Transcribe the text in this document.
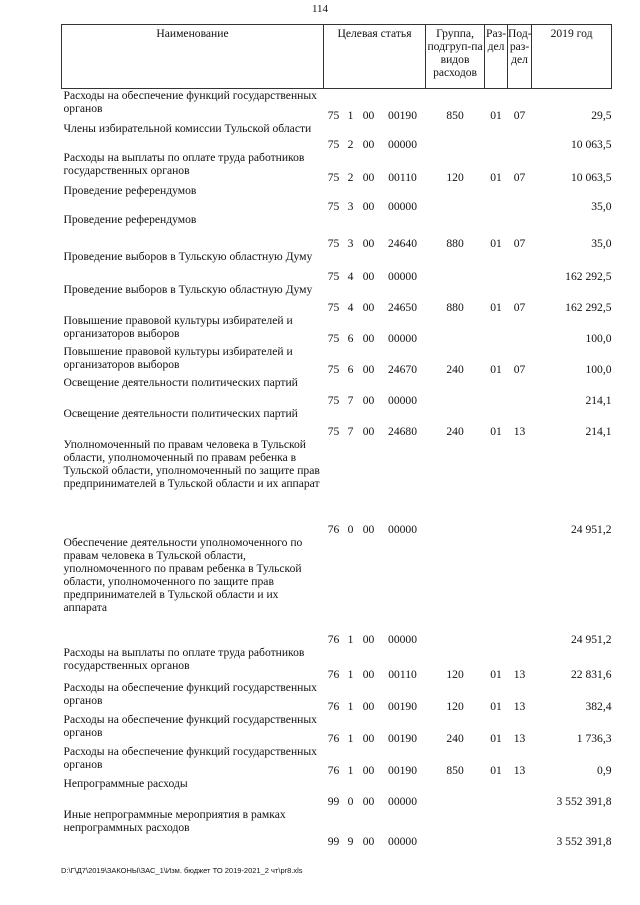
114
Наименование	Целевая статья				Группа, подгруп-па видов расходов	Раз-дел	Под-раз-дел	2019 год
Расходы на обеспечение функций государственных органов	75	1	00	00190	850	01	07	29,5
Члены избирательной комиссии Тульской области	75	2	00	00000				10 063,5
Расходы на выплаты по оплате труда работников государственных органов	75	2	00	00110	120	01	07	10 063,5
Проведение референдумов	75	3	00	00000				35,0
Проведение референдумов	75	3	00	24640	880	01	07	35,0
Проведение выборов в Тульскую областную Думу	75	4	00	00000				162 292,5
Проведение выборов в Тульскую областную Думу	75	4	00	24650	880	01	07	162 292,5
Повышение правовой культуры избирателей и организаторов выборов	75	6	00	00000				100,0
Повышение правовой культуры избирателей и организаторов выборов	75	6	00	24670	240	01	07	100,0
Освещение деятельности политических партий	75	7	00	00000				214,1
Освещение деятельности политических партий	75	7	00	24680	240	01	13	214,1
Уполномоченный по правам человека в Тульской области, уполномоченный по правам ребенка в Тульской области, уполномоченный по защите прав предпринимателей в Тульской области и их аппарат	76	0	00	00000				24 951,2
Обеспечение деятельности уполномоченного по правам человека в Тульской области, уполномоченного по правам ребенка в Тульской области, уполномоченного по защите прав предпринимателей в Тульской области и их аппарата	76	1	00	00000				24 951,2
Расходы на выплаты по оплате труда работников государственных органов	76	1	00	00110	120	01	13	22 831,6
Расходы на обеспечение функций государственных органов	76	1	00	00190	120	01	13	382,4
Расходы на обеспечение функций государственных органов	76	1	00	00190	240	01	13	1 736,3
Расходы на обеспечение функций государственных органов	76	1	00	00190	850	01	13	0,9
Непрограммные расходы	99	0	00	00000				3 552 391,8
Иные непрограммные мероприятия в рамках непрограммных расходов	99	9	00	00000				3 552 391,8
D:\Г\Д7\2019\ЗАКОНЫ\ЗАС_1\Изм. бюджет ТО 2019-2021_2 чт\pr8.xls
